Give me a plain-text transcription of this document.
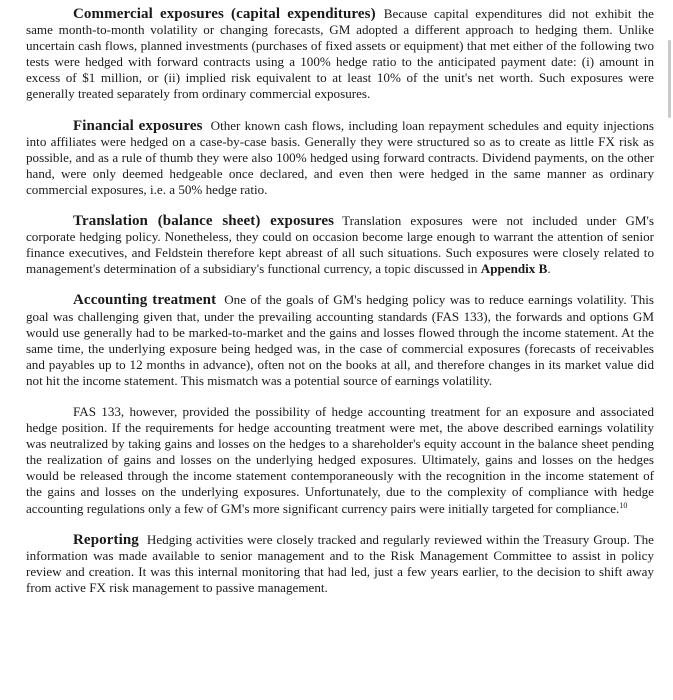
Commercial exposures (capital expenditures) Because capital expenditures did not exhibit the same month-to-month volatility or changing forecasts, GM adopted a different approach to hedging them. Unlike uncertain cash flows, planned investments (purchases of fixed assets or equipment) that met either of the following two tests were hedged with forward contracts using a 100% hedge ratio to the anticipated payment date: (i) amount in excess of $1 million, or (ii) implied risk equivalent to at least 10% of the unit's net worth. Such exposures were generally treated separately from ordinary commercial exposures.

Financial exposures Other known cash flows, including loan repayment schedules and equity injections into affiliates were hedged on a case-by-case basis. Generally they were structured so as to create as little FX risk as possible, and as a rule of thumb they were also 100% hedged using forward contracts. Dividend payments, on the other hand, were only deemed hedgeable once declared, and even then were hedged in the same manner as ordinary commercial exposures, i.e. a 50% hedge ratio.

Translation (balance sheet) exposures Translation exposures were not included under GM's corporate hedging policy. Nonetheless, they could on occasion become large enough to warrant the attention of senior finance executives, and Feldstein therefore kept abreast of all such situations. Such exposures were closely related to management's determination of a subsidiary's functional currency, a topic discussed in Appendix B.

Accounting treatment One of the goals of GM's hedging policy was to reduce earnings volatility. This goal was challenging given that, under the prevailing accounting standards (FAS 133), the forwards and options GM would use generally had to be marked-to-market and the gains and losses flowed through the income statement. At the same time, the underlying exposure being hedged was, in the case of commercial exposures (forecasts of receivables and payables up to 12 months in advance), often not on the books at all, and therefore changes in its market value did not hit the income statement. This mismatch was a potential source of earnings volatility.

FAS 133, however, provided the possibility of hedge accounting treatment for an exposure and associated hedge position. If the requirements for hedge accounting treatment were met, the above described earnings volatility was neutralized by taking gains and losses on the hedges to a shareholder's equity account in the balance sheet pending the realization of gains and losses on the underlying hedged exposures. Ultimately, gains and losses on the hedges would be released through the income statement contemporaneously with the recognition in the income statement of the gains and losses on the underlying exposures. Unfortunately, due to the complexity of compliance with hedge accounting regulations only a few of GM's more significant currency pairs were initially targeted for compliance.$^{10}$

Reporting Hedging activities were closely tracked and regularly reviewed within the Treasury Group. The information was made available to senior management and to the Risk Management Committee to assist in policy review and creation. It was this internal monitoring that had led, just a few years earlier, to the decision to shift away from active FX risk management to passive management.
